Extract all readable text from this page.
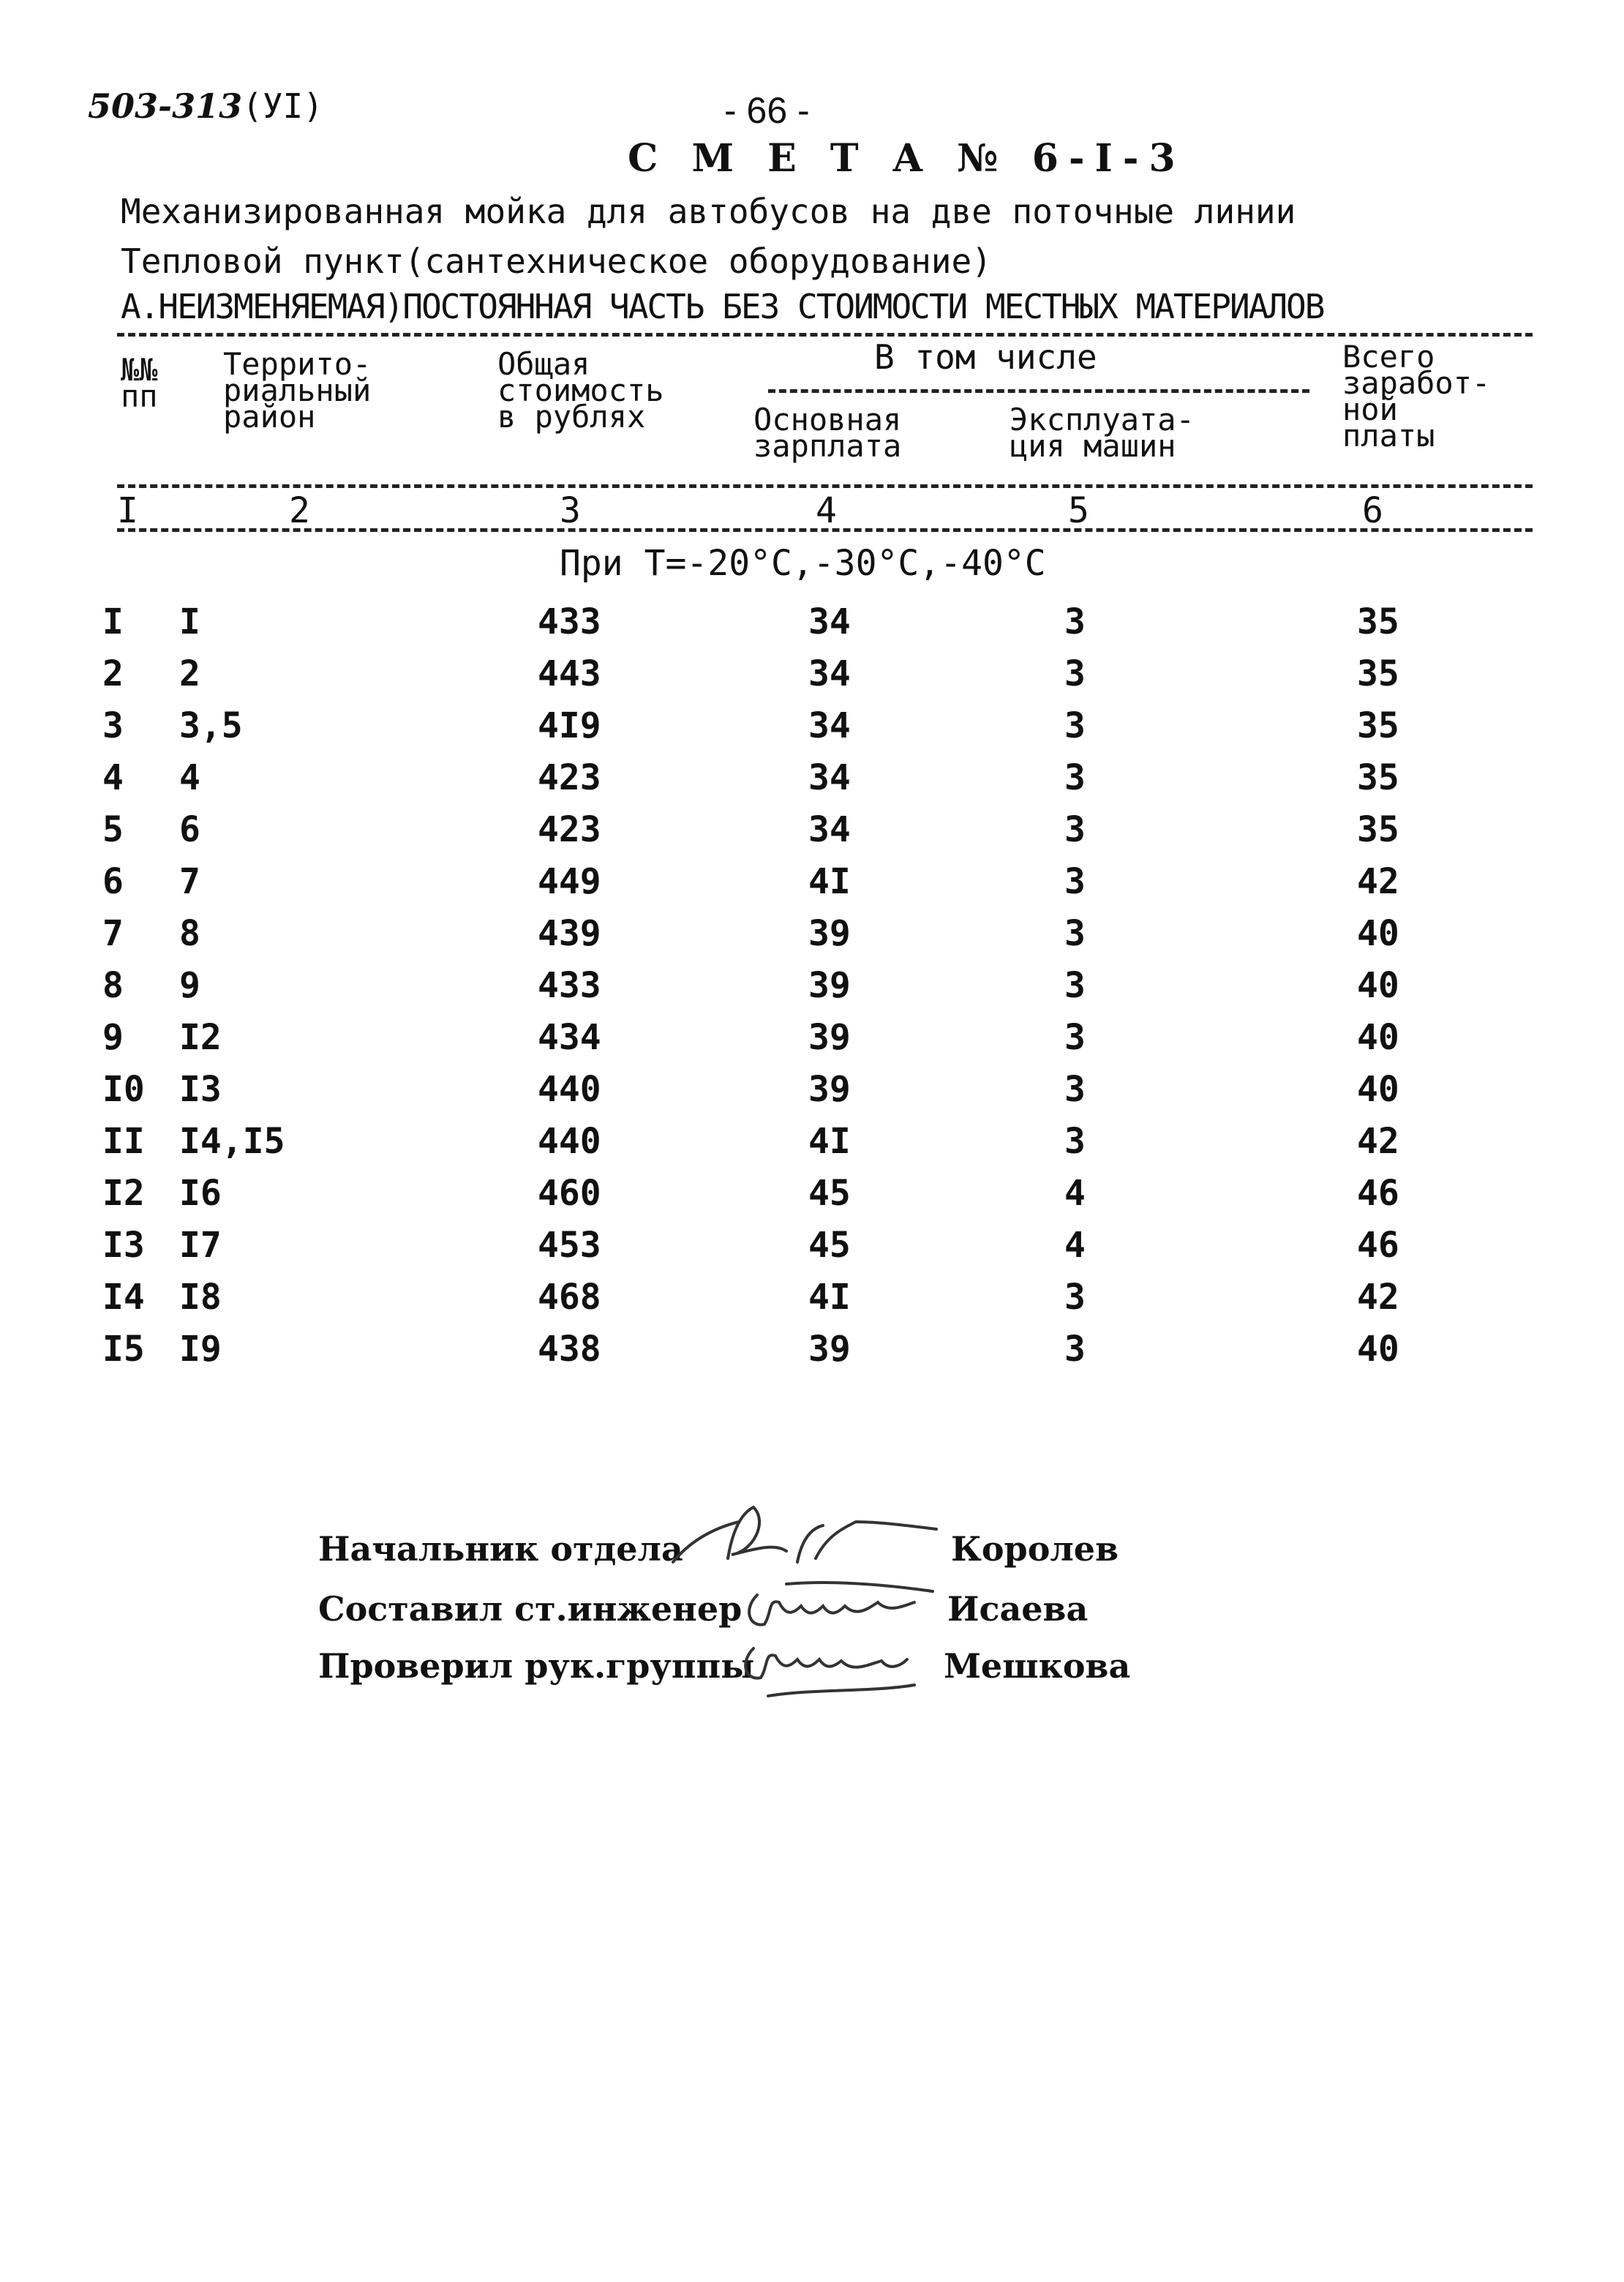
503-313(УI)	- 66 -
С М Е Т А № 6-I-3
Механизированная мойка для автобусов на две поточные линии
Тепловой пункт(сантехническое оборудование)
А.НЕИЗМЕНЯЕМАЯ)ПОСТОЯННАЯ ЧАСТЬ БЕЗ СТОИМОСТИ МЕСТНЫХ МАТЕРИАЛОВ
№№
пп
Террито-
риальный
район
Общая
стоимость
в рублях
В том числе
Основная
зарплата
Эксплуата-
ция машин
Всего
заработ-
ной
платы
I	2	3	4	5	6
При Т=-20°С,-30°С,-40°С
I I	433	34	3	35
2 2	443	34	3	35
3 3,5	4I9	34	3	35
4 4	423	34	3	35
5 6	423	34	3	35
6 7	449	4I	3	42
7 8	439	39	3	40
8 9	433	39	3	40
9 I2	434	39	3	40
I0 I3	440	39	3	40
II I4,I5	440	4I	3	42
I2 I6	460	45	4	46
I3 I7	453	45	4	46
I4 I8	468	4I	3	42
I5 I9	438	39	3	40
Начальник отдела	Королев
Составил ст.инженер	Исаева
Проверил рук.группы	Мешкова
